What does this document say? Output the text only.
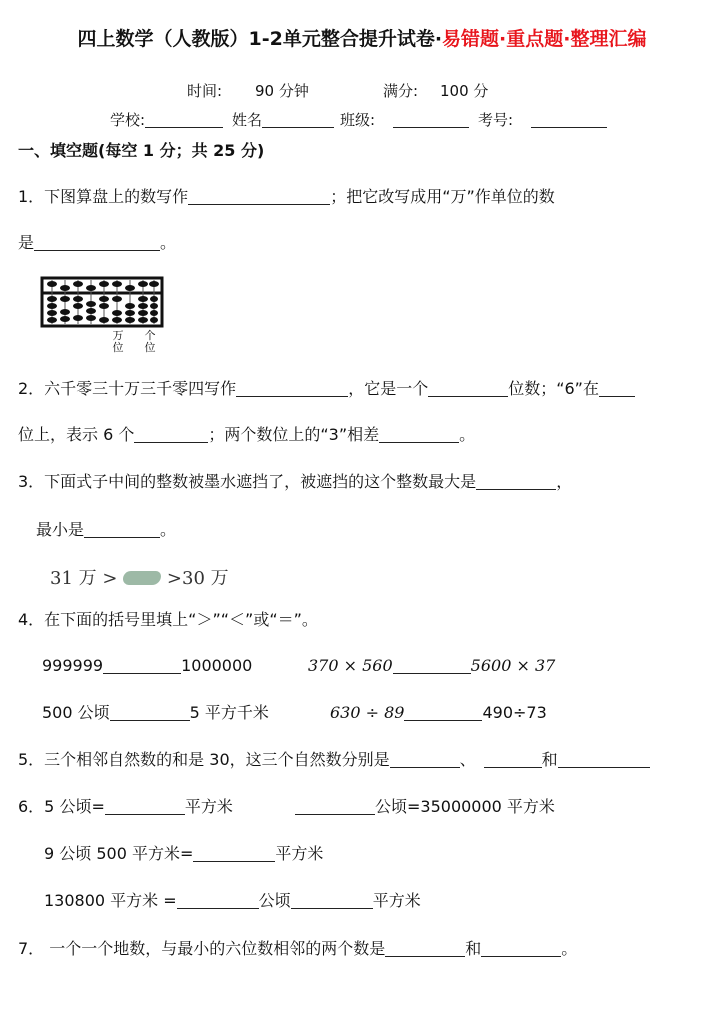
四上数学（人教版）1-2单元整合提升试卷·易错题·重点题·整理汇编
时间: 90 分钟	满分: 100 分
学校:	姓名	班级:	考号:
一、填空题(每空 1 分；共 25 分)
1．下图算盘上的数写作	；把它改写成用“万”作单位的数
是	。
万位
个位
2．六千零三十万三千零四写作	，它是一个	位数；“6”在
位上，表示 6 个	；两个数位上的“3”相差	。
3．下面式子中间的整数被墨水遮挡了，被遮挡的这个整数最大是	，
最小是	。
31 万 >	>30 万
4．在下面的括号里填上“＞”“＜”或“＝”。
999999	1000000	370 × 560	5600 × 37
500 公顷	5 平方千米	630 ÷ 89	490÷73
5．三个相邻自然数的和是 30，这三个自然数分别是	、	和
6．5 公顷=	平方米	公顷=35000000 平方米
9 公顷 500 平方米=	平方米
130800 平方米 =	公顷	平方米
7． 一个一个地数，与最小的六位数相邻的两个数是	和	。
